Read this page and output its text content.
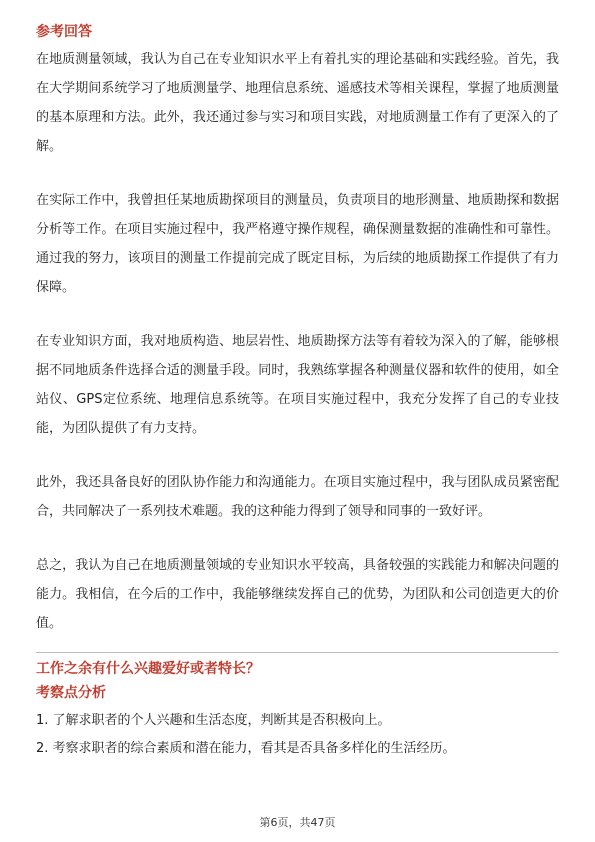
参考回答

在地质测量领域，我认为自己在专业知识水平上有着扎实的理论基础和实践经验。首先，我在大学期间系统学习了地质测量学、地理信息系统、遥感技术等相关课程，掌握了地质测量的基本原理和方法。此外，我还通过参与实习和项目实践，对地质测量工作有了更深入的了解。

在实际工作中，我曾担任某地质勘探项目的测量员，负责项目的地形测量、地质勘探和数据分析等工作。在项目实施过程中，我严格遵守操作规程，确保测量数据的准确性和可靠性。通过我的努力，该项目的测量工作提前完成了既定目标，为后续的地质勘探工作提供了有力保障。

在专业知识方面，我对地质构造、地层岩性、地质勘探方法等有着较为深入的了解，能够根据不同地质条件选择合适的测量手段。同时，我熟练掌握各种测量仪器和软件的使用，如全站仪、GPS定位系统、地理信息系统等。在项目实施过程中，我充分发挥了自己的专业技能，为团队提供了有力支持。

此外，我还具备良好的团队协作能力和沟通能力。在项目实施过程中，我与团队成员紧密配合，共同解决了一系列技术难题。我的这种能力得到了领导和同事的一致好评。

总之，我认为自己在地质测量领域的专业知识水平较高，具备较强的实践能力和解决问题的能力。我相信，在今后的工作中，我能够继续发挥自己的优势，为团队和公司创造更大的价值。

工作之余有什么兴趣爱好或者特长？

考察点分析

1. 了解求职者的个人兴趣和生活态度，判断其是否积极向上。

2. 考察求职者的综合素质和潜在能力，看其是否具备多样化的生活经历。

第6页，共47页
